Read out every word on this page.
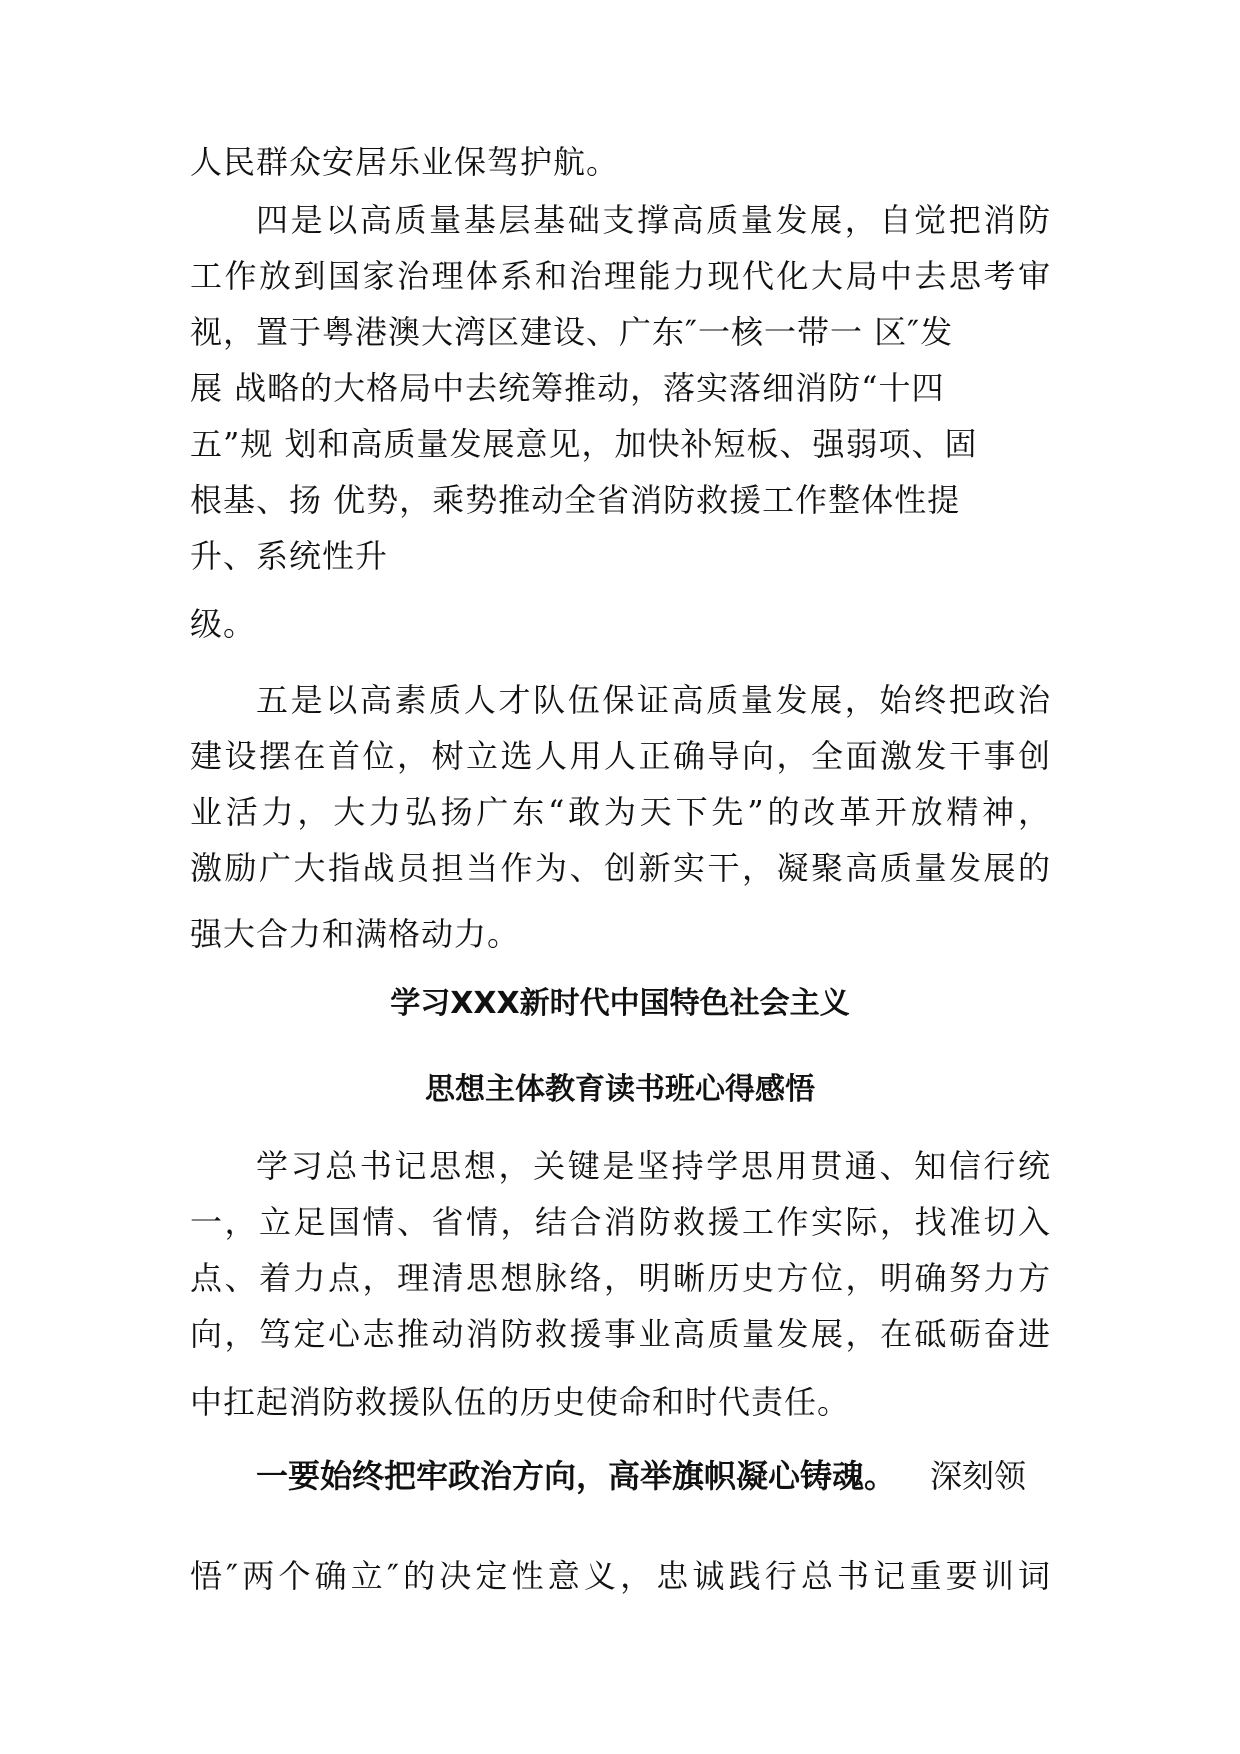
人民群众安居乐业保驾护航。
四是以高质量基层基础支撑高质量发展，自觉把消防
工作放到国家治理体系和治理能力现代化大局中去思考审
视，置于粤港澳大湾区建设、广东″一核一带一 区″发
展 战略的大格局中去统筹推动，落实落细消防“十四
五”规 划和高质量发展意见，加快补短板、强弱项、固
根基、扬 优势，乘势推动全省消防救援工作整体性提
升、系统性升
级。
五是以高素质人才队伍保证高质量发展，始终把政治
建设摆在首位，树立选人用人正确导向，全面激发干事创
业活力，大力弘扬广东“敢为天下先”的改革开放精神，
激励广大指战员担当作为、创新实干，凝聚高质量发展的
强大合力和满格动力。
学习XXX新时代中国特色社会主义
思想主体教育读书班心得感悟
学习总书记思想，关键是坚持学思用贯通、知信行统
一，立足国情、省情，结合消防救援工作实际，找准切入
点、着力点，理清思想脉络，明晰历史方位，明确努力方
向，笃定心志推动消防救援事业高质量发展，在砥砺奋进
中扛起消防救援队伍的历史使命和时代责任。
一要始终把牢政治方向，高举旗帜凝心铸魂。 深刻领
悟″两个确立″的决定性意义，忠诚践行总书记重要训词
